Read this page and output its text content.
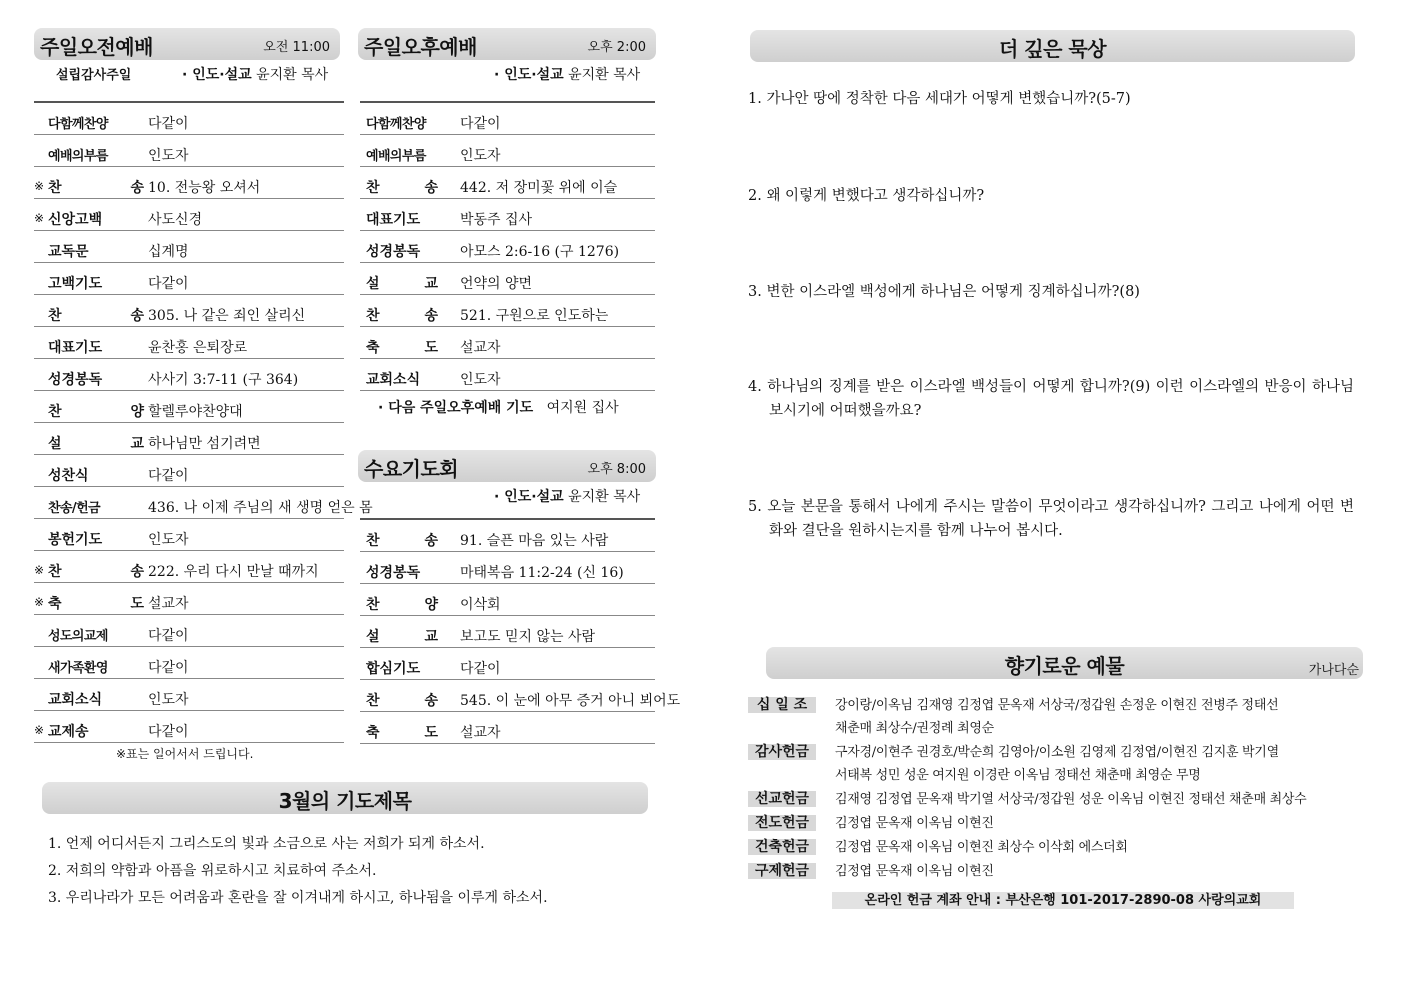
주일오전예배	오전 11:00
설립감사주일	· 인도·설교 윤지환 목사
다함께찬양	다같이
예배의부름	인도자
※ 찬 송 10. 전능왕 오셔서
※ 신앙고백	사도신경
교독문	십계명
고백기도	다같이
찬 송 305. 나 같은 죄인 살리신
대표기도	윤찬홍 은퇴장로
성경봉독	사사기 3:7-11 (구 364)
찬 양 할렐루야찬양대
설 교 하나님만 섬기려면
성찬식	다같이
찬송/헌금	436. 나 이제 주님의 새 생명 얻은 몸
봉헌기도	인도자
※ 찬 송 222. 우리 다시 만날 때까지
※ 축 도 설교자
성도의교제	다같이
새가족환영	다같이
교회소식	인도자
※ 교제송	다같이
※표는 일어서서 드립니다.
주일오후예배	오후 2:00
· 인도·설교 윤지환 목사
다함께찬양	다같이
예배의부름	인도자
찬 송 442. 저 장미꽃 위에 이슬
대표기도	박동주 집사
성경봉독	아모스 2:6-16 (구 1276)
설 교 언약의 양면
찬 송 521. 구원으로 인도하는
축 도 설교자
교회소식	인도자
· 다음 주일오후예배 기도 여지원 집사
수요기도회	오후 8:00
· 인도·설교 윤지환 목사
찬 송 91. 슬픈 마음 있는 사람
성경봉독	마태복음 11:2-24 (신 16)
찬 양 이삭회
설 교 보고도 믿지 않는 사람
합심기도	다같이
찬 송 545. 이 눈에 아무 증거 아니 뵈어도
축 도 설교자
3월의 기도제목
1. 언제 어디서든지 그리스도의 빛과 소금으로 사는 저희가 되게 하소서.
2. 저희의 약함과 아픔을 위로하시고 치료하여 주소서.
3. 우리나라가 모든 어려움과 혼란을 잘 이겨내게 하시고, 하나됨을 이루게 하소서.
더 깊은 묵상
1. 가나안 땅에 정착한 다음 세대가 어떻게 변했습니까?(5-7)
2. 왜 이렇게 변했다고 생각하십니까?
3. 변한 이스라엘 백성에게 하나님은 어떻게 징계하십니까?(8)
4. 하나님의 징계를 받은 이스라엘 백성들이 어떻게 합니까?(9) 이런 이스라엘의 반응이 하나님 보시기에 어떠했을까요?
5. 오늘 본문을 통해서 나에게 주시는 말씀이 무엇이라고 생각하십니까? 그리고 나에게 어떤 변화와 결단을 원하시는지를 함께 나누어 봅시다.
향기로운 예물	가나다순
십 일 조	강이랑/이옥님 김재영 김정엽 문옥재 서상국/정갑원 손정운 이현진 전병주 정태선
채춘매 최상수/권정례 최영순
감사헌금	구자경/이현주 권경호/박순희 김영아/이소원 김영제 김정엽/이현진 김지훈 박기열
서태복 성민 성운 여지원 이경란 이옥님 정태선 채춘매 최영순 무명
선교헌금	김재영 김정엽 문옥재 박기열 서상국/정갑원 성운 이옥님 이현진 정태선 채춘매 최상수
전도헌금	김정엽 문옥재 이옥님 이현진
건축헌금	김정엽 문옥재 이옥님 이현진 최상수 이삭회 에스더회
구제헌금	김정엽 문옥재 이옥님 이현진
온라인 헌금 계좌 안내 : 부산은행 101-2017-2890-08 사랑의교회
